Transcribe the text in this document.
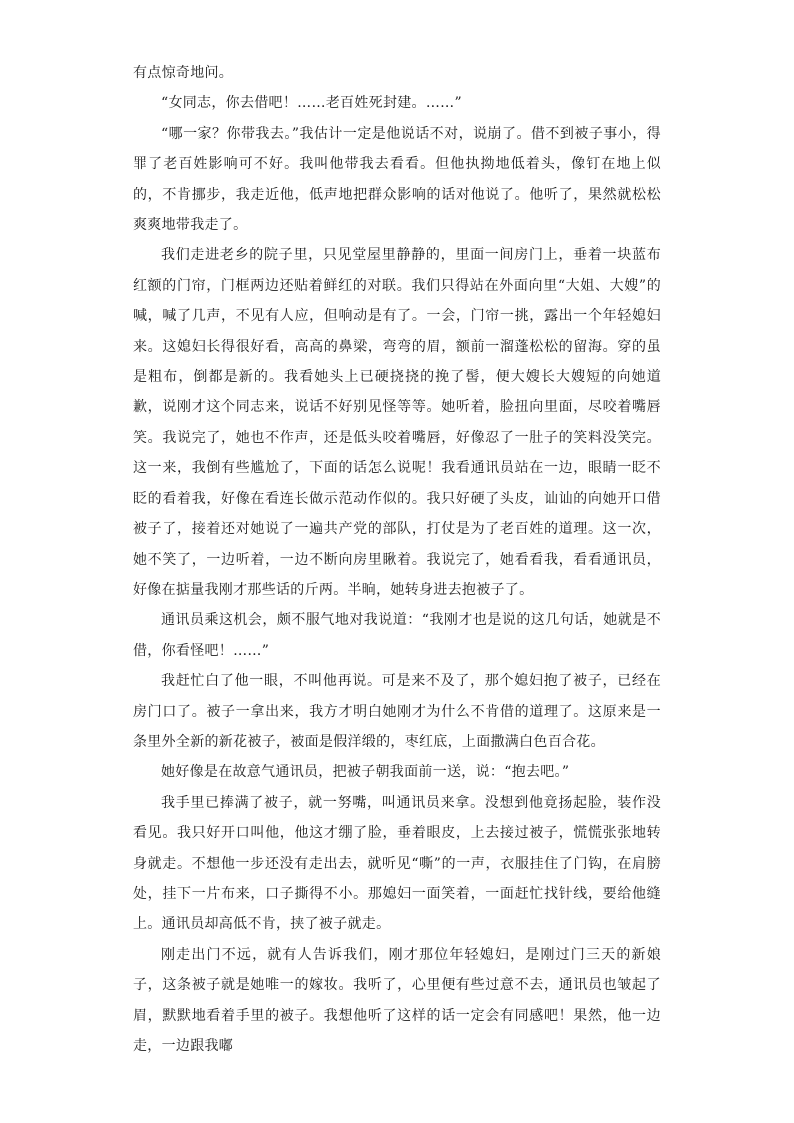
有点惊奇地问。

“女同志，你去借吧！……老百姓死封建。……”

“哪一家？你带我去。”我估计一定是他说话不对，说崩了。借不到被子事小，得罪了老百姓影响可不好。我叫他带我去看看。但他执拗地低着头，像钉在地上似的，不肯挪步，我走近他，低声地把群众影响的话对他说了。他听了，果然就松松爽爽地带我走了。

我们走进老乡的院子里，只见堂屋里静静的，里面一间房门上，垂着一块蓝布红额的门帘，门框两边还贴着鲜红的对联。我们只得站在外面向里“大姐、大嫂”的喊，喊了几声，不见有人应，但响动是有了。一会，门帘一挑，露出一个年轻媳妇来。这媳妇长得很好看，高高的鼻梁，弯弯的眉，额前一溜蓬松松的留海。穿的虽是粗布，倒都是新的。我看她头上已硬挠挠的挽了髻，便大嫂长大嫂短的向她道歉，说刚才这个同志来，说话不好别见怪等等。她听着，脸扭向里面，尽咬着嘴唇笑。我说完了，她也不作声，还是低头咬着嘴唇，好像忍了一肚子的笑料没笑完。这一来，我倒有些尴尬了，下面的话怎么说呢！我看通讯员站在一边，眼睛一眨不眨的看着我，好像在看连长做示范动作似的。我只好硬了头皮，讪讪的向她开口借被子了，接着还对她说了一遍共产党的部队，打仗是为了老百姓的道理。这一次，她不笑了，一边听着，一边不断向房里瞅着。我说完了，她看看我，看看通讯员，好像在掂量我刚才那些话的斤两。半晌，她转身进去抱被子了。

通讯员乘这机会，颇不服气地对我说道：“我刚才也是说的这几句话，她就是不借，你看怪吧！……”

我赶忙白了他一眼，不叫他再说。可是来不及了，那个媳妇抱了被子，已经在房门口了。被子一拿出来，我方才明白她刚才为什么不肯借的道理了。这原来是一条里外全新的新花被子，被面是假洋缎的，枣红底，上面撒满白色百合花。

她好像是在故意气通讯员，把被子朝我面前一送，说：“抱去吧。”

我手里已捧满了被子，就一努嘴，叫通讯员来拿。没想到他竟扬起脸，装作没看见。我只好开口叫他，他这才绷了脸，垂着眼皮，上去接过被子，慌慌张张地转身就走。不想他一步还没有走出去，就听见“嘶”的一声，衣服挂住了门钩，在肩膀处，挂下一片布来，口子撕得不小。那媳妇一面笑着，一面赶忙找针线，要给他缝上。通讯员却高低不肯，挟了被子就走。

刚走出门不远，就有人告诉我们，刚才那位年轻媳妇，是刚过门三天的新娘子，这条被子就是她唯一的嫁妆。我听了，心里便有些过意不去，通讯员也皱起了眉，默默地看着手里的被子。我想他听了这样的话一定会有同感吧！果然，他一边走，一边跟我嘟
